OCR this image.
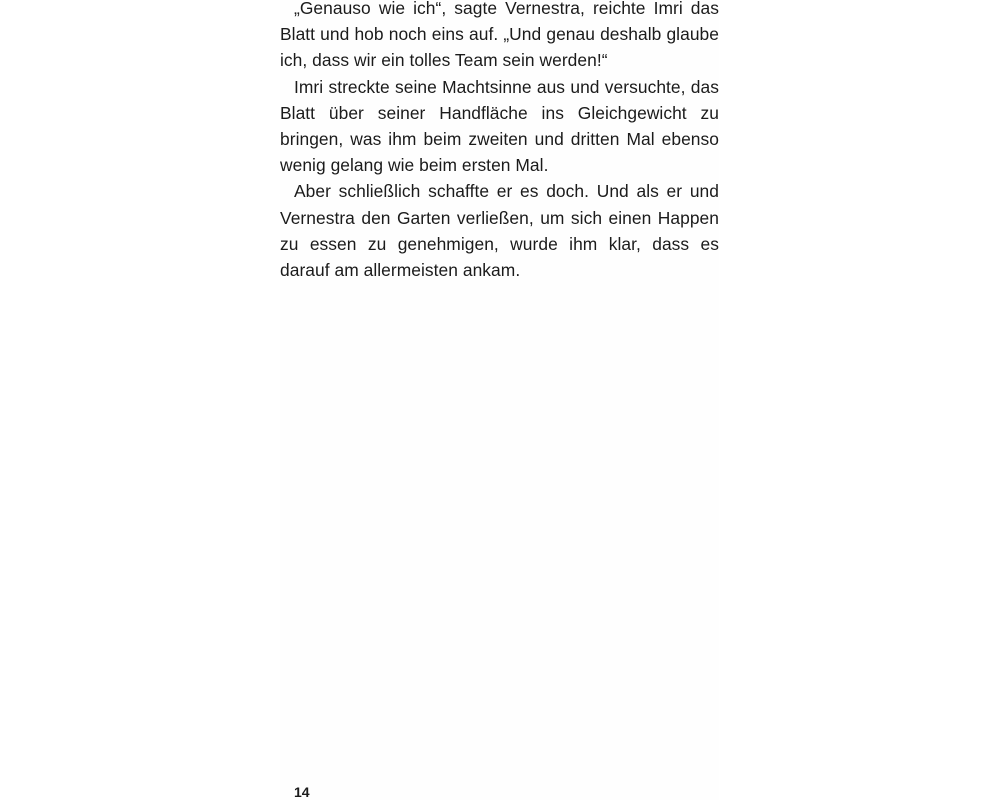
„Genauso wie ich“, sagte Vernestra, reichte Imri das Blatt und hob noch eins auf. „Und genau deshalb glaube ich, dass wir ein tolles Team sein werden!“

Imri streckte seine Machtsinne aus und versuchte, das Blatt über seiner Handfläche ins Gleichgewicht zu bringen, was ihm beim zweiten und dritten Mal ebenso wenig gelang wie beim ersten Mal.

Aber schließlich schaffte er es doch. Und als er und Vernestra den Garten verließen, um sich einen Happen zu essen zu genehmigen, wurde ihm klar, dass es darauf am allermeisten ankam.

14
